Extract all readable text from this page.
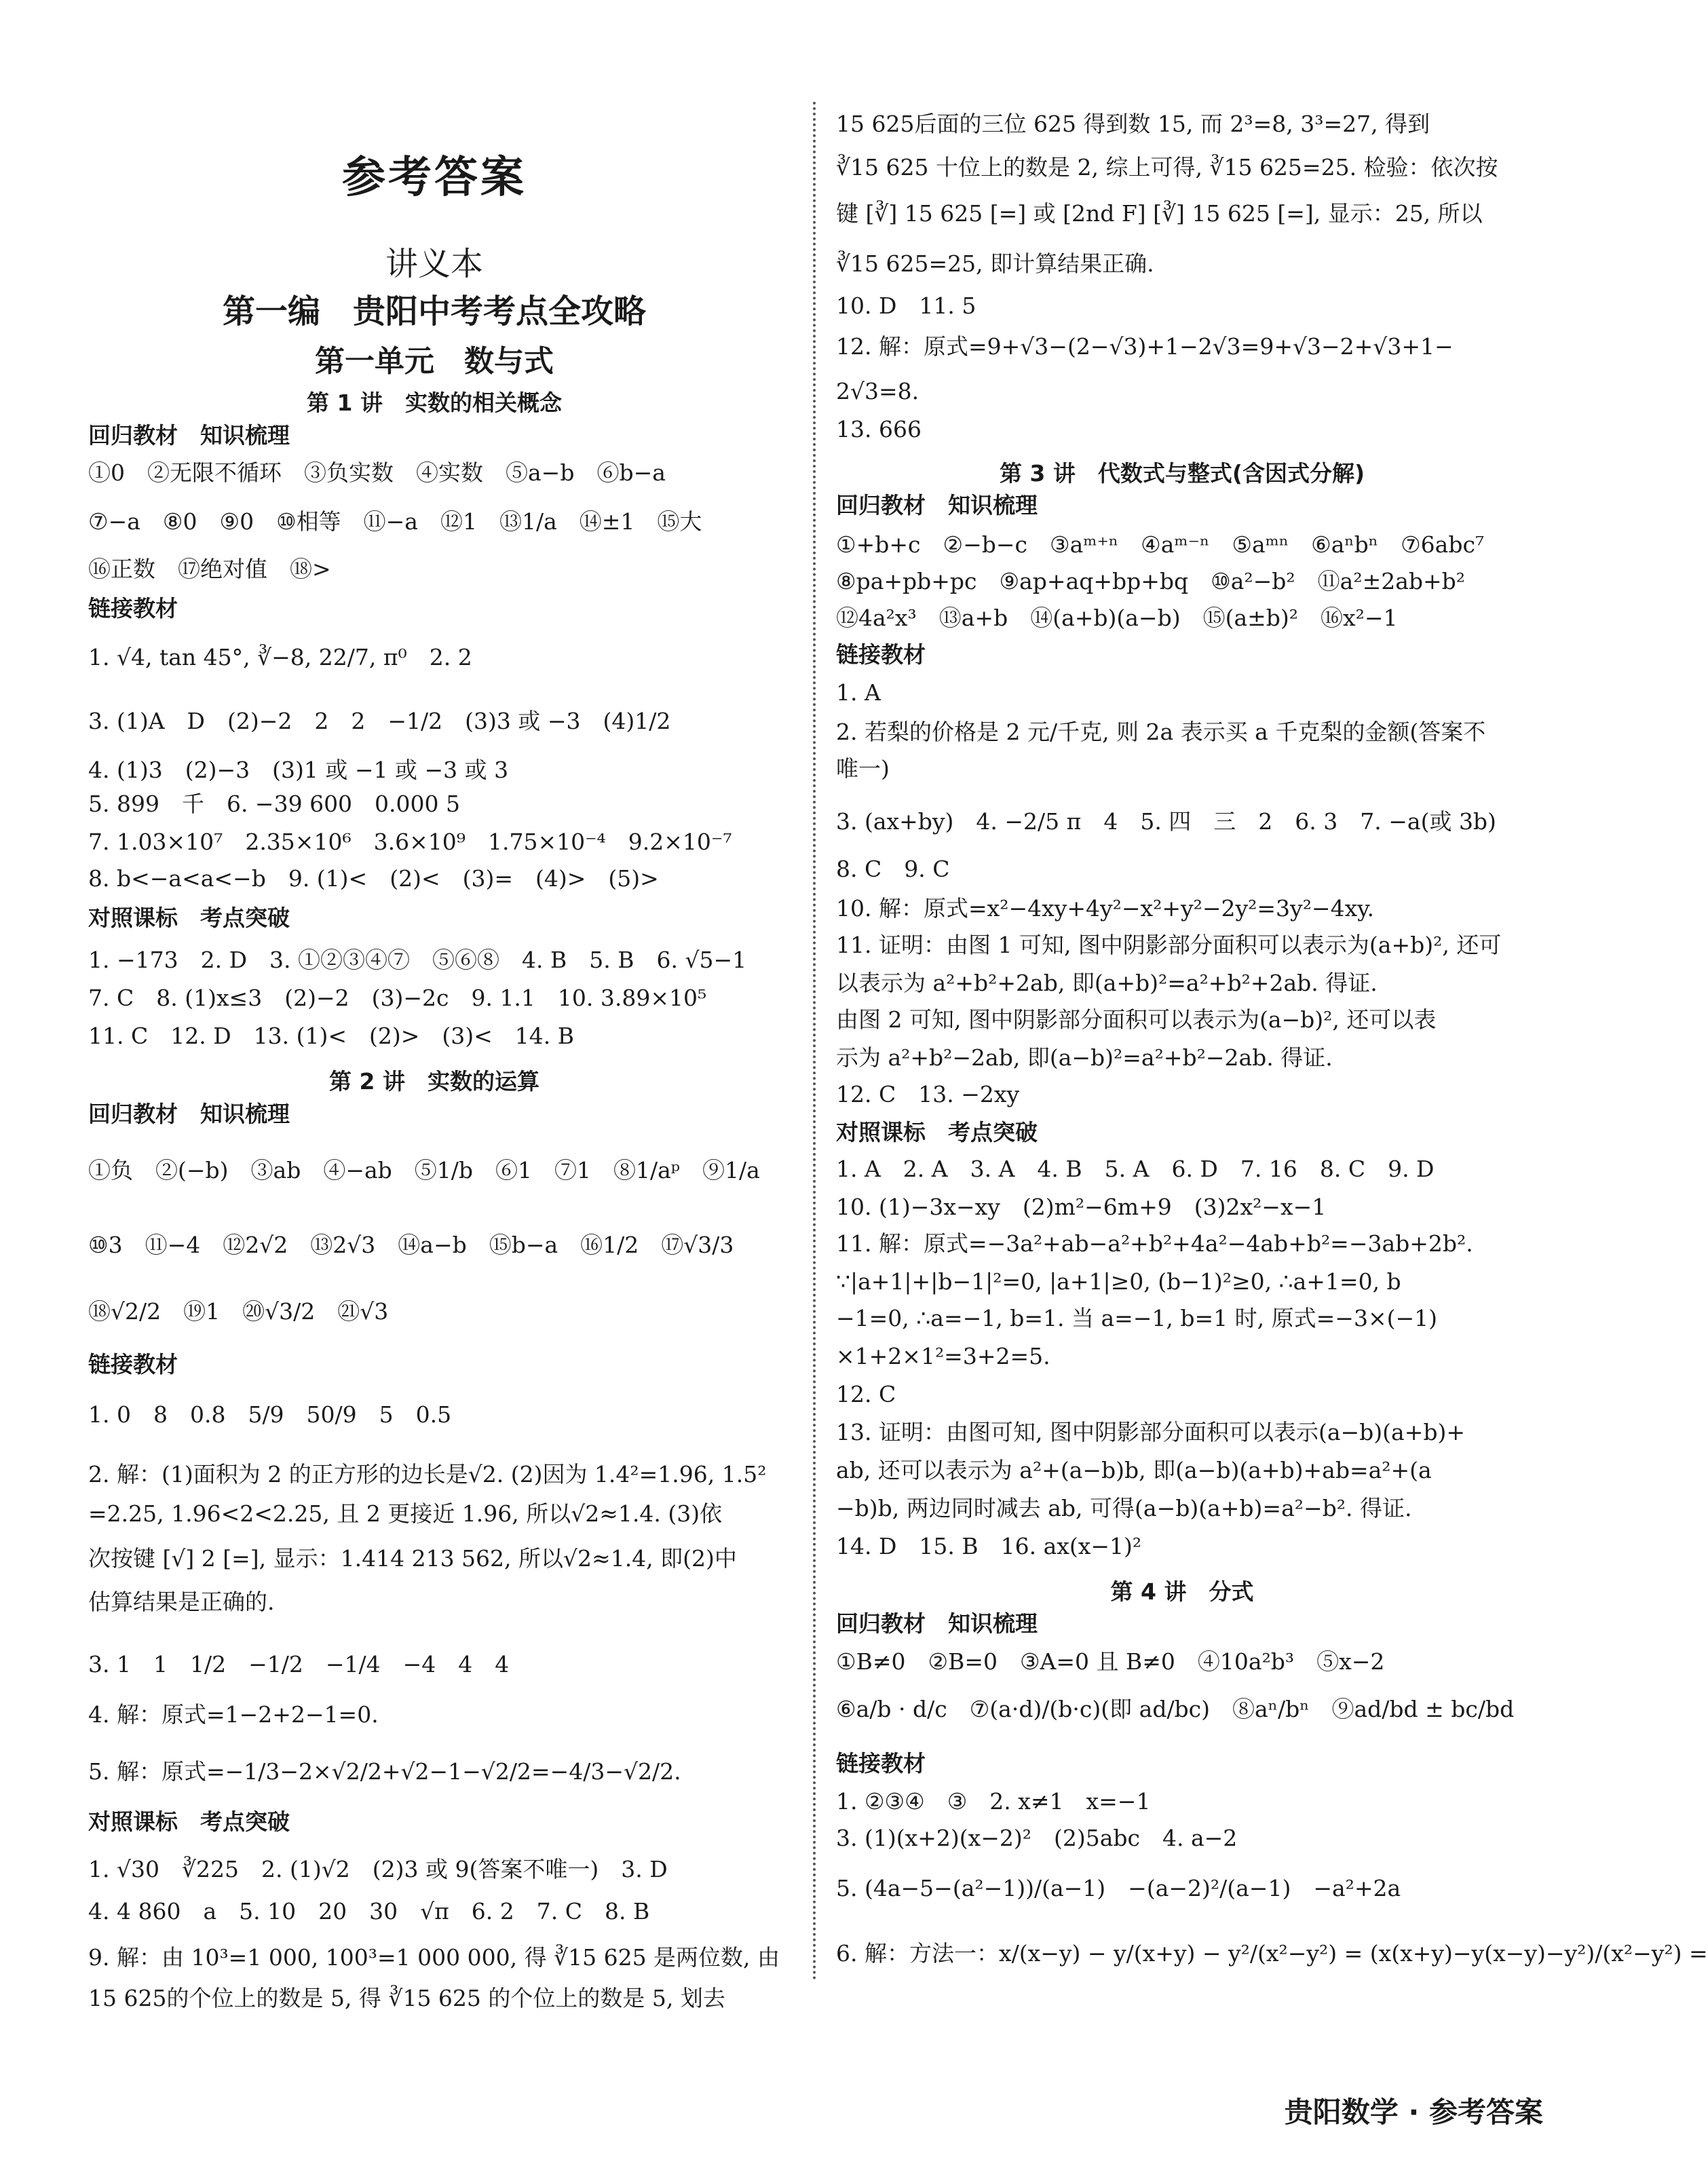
参考答案
讲义本
第一编　贵阳中考考点全攻略
第一单元　数与式
第 1 讲　实数的相关概念
回归教材　知识梳理
①0　②无限不循环　③负实数　④实数　⑤a−b　⑥b−a
⑦−a　⑧0　⑨0　⑩相等　⑪−a　⑫1　⑬1/a　⑭±1　⑮大
⑯正数　⑰绝对值　⑱>
链接教材
1. √4, tan 45°, ∛−8, 22/7, π⁰　2. 2
3. (1)A　D　(2)−2　2　2　−1/2　(3)3 或 −3　(4)1/2
4. (1)3　(2)−3　(3)1 或 −1 或 −3 或 3
5. 899　千　6. −39 600　0.000 5
7. 1.03×10⁷　2.35×10⁶　3.6×10⁹　1.75×10⁻⁴　9.2×10⁻⁷
8. b<−a<a<−b　9. (1)<　(2)<　(3)=　(4)>　(5)>
对照课标　考点突破
1. −173　2. D　3. ①②③④⑦　⑤⑥⑧　4. B　5. B　6. √5−1
7. C　8. (1)x≤3　(2)−2　(3)−2c　9. 1.1　10. 3.89×10⁵
11. C　12. D　13. (1)<　(2)>　(3)<　14. B
第 2 讲　实数的运算
回归教材　知识梳理
①负　②(−b)　③ab　④−ab　⑤1/b　⑥1　⑦1　⑧1/aᵖ　⑨1/a
⑩3　⑪−4　⑫2√2　⑬2√3　⑭a−b　⑮b−a　⑯1/2　⑰√3/3
⑱√2/2　⑲1　⑳√3/2　㉑√3
链接教材
1. 0　8　0.8　5/9　50/9　5　0.5
2. 解：(1)面积为 2 的正方形的边长是√2. (2)因为 1.4²=1.96, 1.5²
=2.25, 1.96<2<2.25, 且 2 更接近 1.96, 所以√2≈1.4. (3)依
次按键 [√] 2 [=], 显示：1.414 213 562, 所以√2≈1.4, 即(2)中
估算结果是正确的.
3. 1　1　1/2　−1/2　−1/4　−4　4　4
4. 解：原式=1−2+2−1=0.
5. 解：原式=−1/3−2×√2/2+√2−1−√2/2=−4/3−√2/2.
对照课标　考点突破
1. √30　∛225　2. (1)√2　(2)3 或 9(答案不唯一)　3. D
4. 4 860　a　5. 10　20　30　√π　6. 2　7. C　8. B
9. 解：由 10³=1 000, 100³=1 000 000, 得 ∛15 625 是两位数, 由
15 625的个位上的数是 5, 得 ∛15 625 的个位上的数是 5, 划去
15 625后面的三位 625 得到数 15, 而 2³=8, 3³=27, 得到
∛15 625 十位上的数是 2, 综上可得, ∛15 625=25. 检验：依次按
键 [∛] 15 625 [=] 或 [2nd F] [∛] 15 625 [=], 显示：25, 所以
∛15 625=25, 即计算结果正确.
10. D　11. 5
12. 解：原式=9+√3−(2−√3)+1−2√3=9+√3−2+√3+1−
2√3=8.
13. 666
第 3 讲　代数式与整式(含因式分解)
回归教材　知识梳理
①+b+c　②−b−c　③aᵐ⁺ⁿ　④aᵐ⁻ⁿ　⑤aᵐⁿ　⑥aⁿbⁿ　⑦6abc⁷
⑧pa+pb+pc　⑨ap+aq+bp+bq　⑩a²−b²　⑪a²±2ab+b²
⑫4a²x³　⑬a+b　⑭(a+b)(a−b)　⑮(a±b)²　⑯x²−1
链接教材
1. A
2. 若梨的价格是 2 元/千克, 则 2a 表示买 a 千克梨的金额(答案不
唯一)
3. (ax+by)　4. −2/5 π　4　5. 四　三　2　6. 3　7. −a(或 3b)
8. C　9. C
10. 解：原式=x²−4xy+4y²−x²+y²−2y²=3y²−4xy.
11. 证明：由图 1 可知, 图中阴影部分面积可以表示为(a+b)², 还可
以表示为 a²+b²+2ab, 即(a+b)²=a²+b²+2ab. 得证.
由图 2 可知, 图中阴影部分面积可以表示为(a−b)², 还可以表
示为 a²+b²−2ab, 即(a−b)²=a²+b²−2ab. 得证.
12. C　13. −2xy
对照课标　考点突破
1. A　2. A　3. A　4. B　5. A　6. D　7. 16　8. C　9. D
10. (1)−3x−xy　(2)m²−6m+9　(3)2x²−x−1
11. 解：原式=−3a²+ab−a²+b²+4a²−4ab+b²=−3ab+2b².
∵|a+1|+|b−1|²=0, |a+1|≥0, (b−1)²≥0, ∴a+1=0, b
−1=0, ∴a=−1, b=1. 当 a=−1, b=1 时, 原式=−3×(−1)
×1+2×1²=3+2=5.
12. C
13. 证明：由图可知, 图中阴影部分面积可以表示(a−b)(a+b)+
ab, 还可以表示为 a²+(a−b)b, 即(a−b)(a+b)+ab=a²+(a
−b)b, 两边同时减去 ab, 可得(a−b)(a+b)=a²−b². 得证.
14. D　15. B　16. ax(x−1)²
第 4 讲　分式
回归教材　知识梳理
①B≠0　②B=0　③A=0 且 B≠0　④10a²b³　⑤x−2
⑥a/b · d/c　⑦(a·d)/(b·c)(即 ad/bc)　⑧aⁿ/bⁿ　⑨ad/bd ± bc/bd
链接教材
1. ②③④　③　2. x≠1　x=−1
3. (1)(x+2)(x−2)²　(2)5abc　4. a−2
5. (4a−5−(a²−1))/(a−1)　−(a−2)²/(a−1)　−a²+2a
6. 解：方法一：x/(x−y) − y/(x+y) − y²/(x²−y²) = (x(x+y)−y(x−y)−y²)/(x²−y²) =
贵阳数学 · 参考答案
